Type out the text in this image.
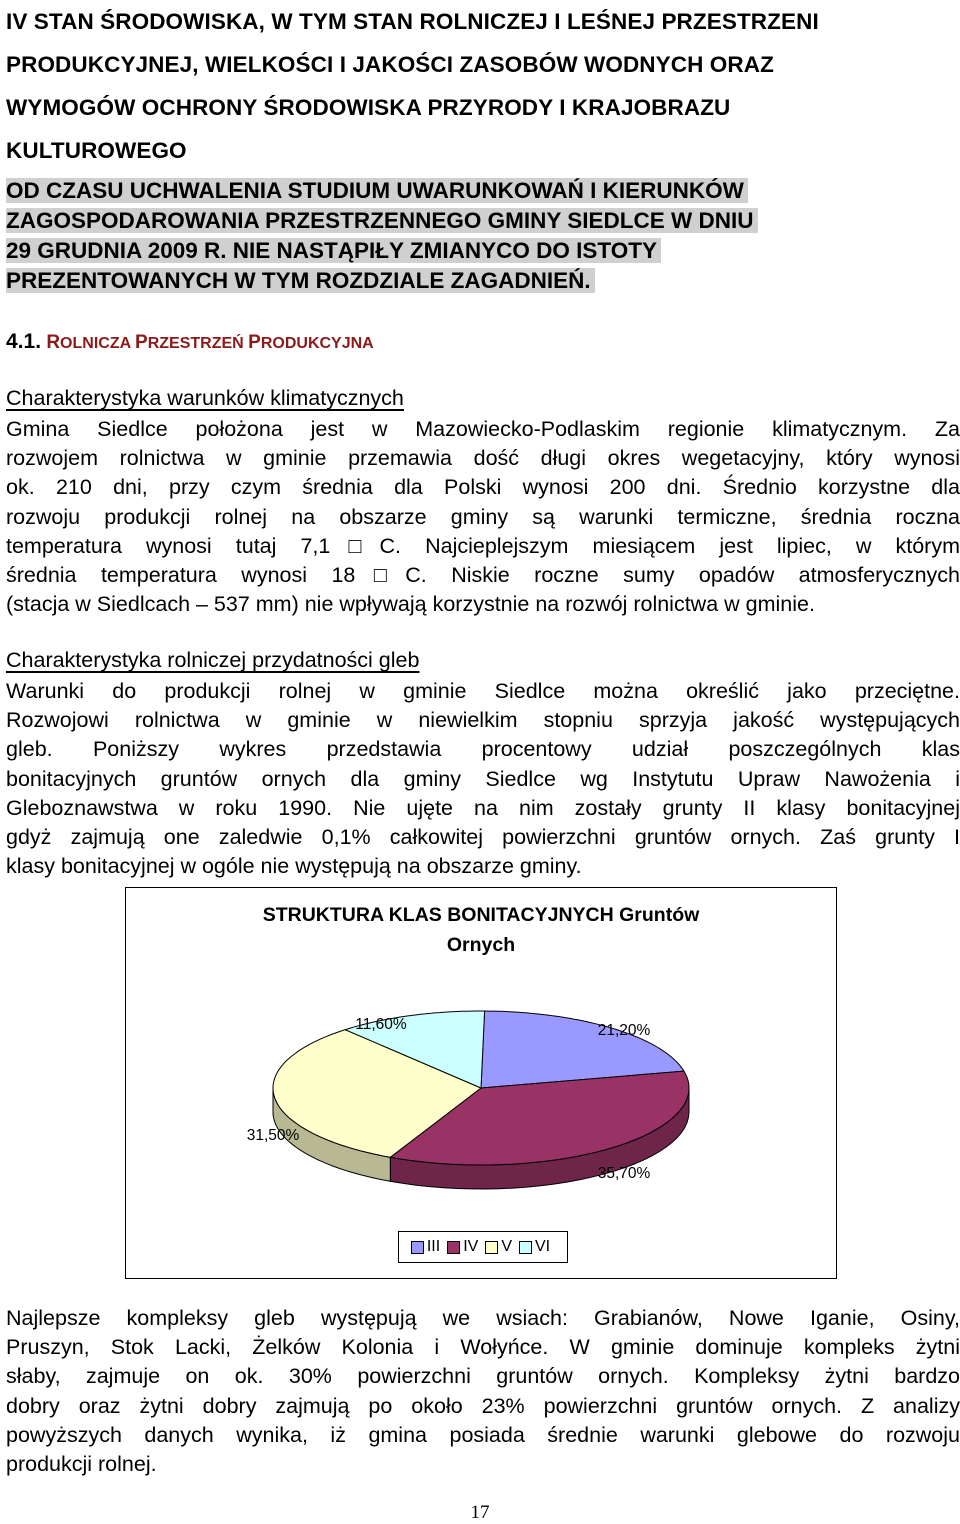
IV STAN ŚRODOWISKA, W TYM STAN ROLNICZEJ I LEŚNEJ PRZESTRZENI
PRODUKCYJNEJ, WIELKOŚCI I JAKOŚCI ZASOBÓW WODNYCH ORAZ
WYMOGÓW OCHRONY ŚRODOWISKA PRZYRODY I KRAJOBRAZU
KULTUROWEGO
OD CZASU UCHWALENIA STUDIUM UWARUNKOWAŃ I KIERUNKÓW
ZAGOSPODAROWANIA PRZESTRZENNEGO GMINY SIEDLCE W DNIU
29 GRUDNIA 2009 R. NIE NASTĄPIŁY ZMIANYCO DO ISTOTY
PREZENTOWANYCH W TYM ROZDZIALE ZAGADNIEŃ.
4.1. ROLNICZA PRZESTRZEŃ PRODUKCYJNA
Charakterystyka warunków klimatycznych
Gmina Siedlce położona jest w Mazowiecko-Podlaskim regionie klimatycznym. Za
rozwojem rolnictwa w gminie przemawia dość długi okres wegetacyjny, który wynosi
ok. 210 dni, przy czym średnia dla Polski wynosi 200 dni. Średnio korzystne dla
rozwoju produkcji rolnej na obszarze gminy są warunki termiczne, średnia roczna
temperatura wynosi tutaj 7,1□C. Najcieplejszym miesiącem jest lipiec, w którym
średnia temperatura wynosi 18□C. Niskie roczne sumy opadów atmosferycznych
(stacja w Siedlcach – 537 mm) nie wpływają korzystnie na rozwój rolnictwa w gminie.
Charakterystyka rolniczej przydatności gleb
Warunki do produkcji rolnej w gminie Siedlce można określić jako przeciętne.
Rozwojowi rolnictwa w gminie w niewielkim stopniu sprzyja jakość występujących
gleb. Poniższy wykres przedstawia procentowy udział poszczególnych klas
bonitacyjnych gruntów ornych dla gminy Siedlce wg Instytutu Upraw Nawożenia i
Gleboznawstwa w roku 1990. Nie ujęte na nim zostały grunty II klasy bonitacyjnej
gdyż zajmują one zaledwie 0,1% całkowitej powierzchni gruntów ornych. Zaś grunty I
klasy bonitacyjnej w ogóle nie występują na obszarze gminy.
STRUKTURA KLAS BONITACYJNYCH Gruntów
Ornych
21,20%
35,70%
31,50%
11,60%
III IV V VI
Najlepsze kompleksy gleb występują we wsiach: Grabianów, Nowe Iganie, Osiny,
Pruszyn, Stok Lacki, Żelków Kolonia i Wołyńce. W gminie dominuje kompleks żytni
słaby, zajmuje on ok. 30% powierzchni gruntów ornych. Kompleksy żytni bardzo
dobry oraz żytni dobry zajmują po około 23% powierzchni gruntów ornych. Z analizy
powyższych danych wynika, iż gmina posiada średnie warunki glebowe do rozwoju
produkcji rolnej.
17
